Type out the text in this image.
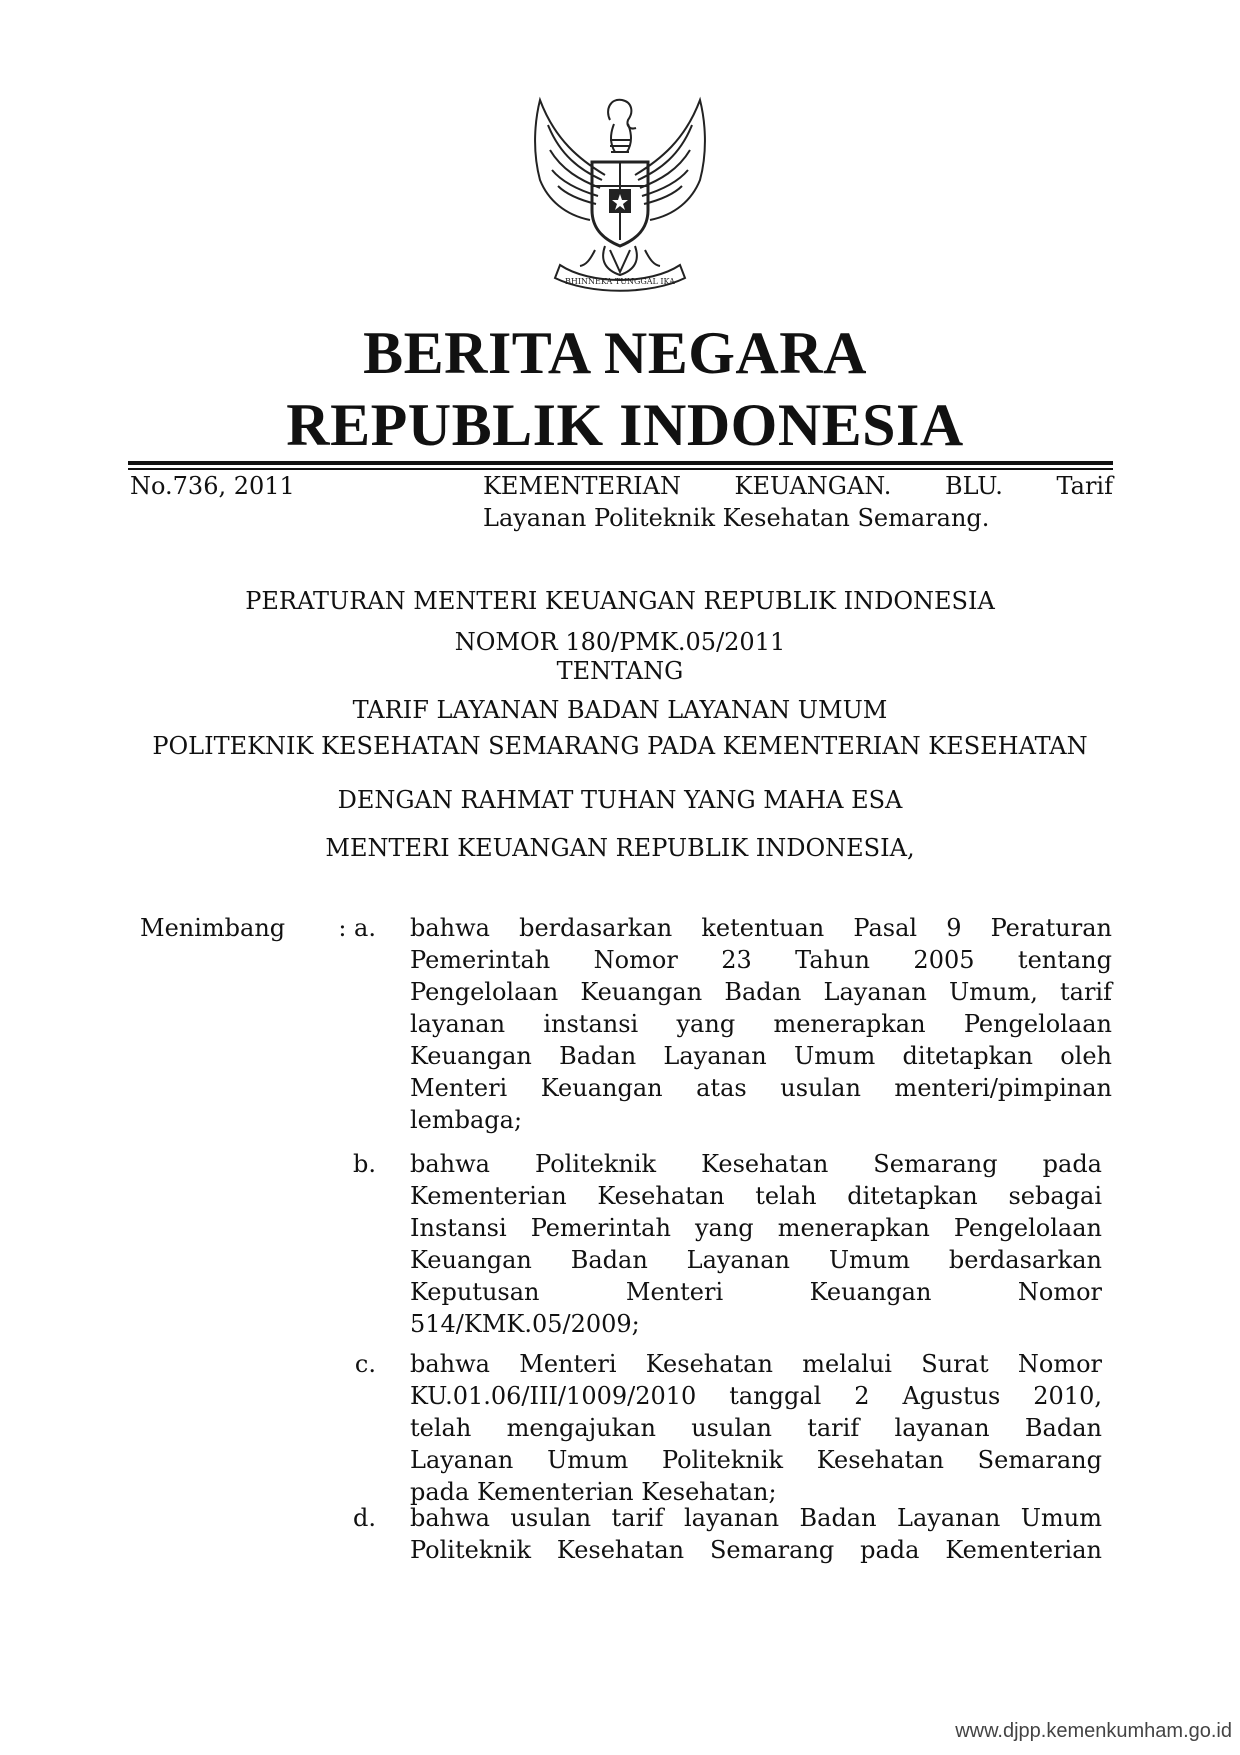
BHINNEKA TUNGGAL IKA
BERITA NEGARA
REPUBLIK INDONESIA
No.736, 2011	KEMENTERIAN KEUANGAN. BLU. Tarif
Layanan Politeknik Kesehatan Semarang.
PERATURAN MENTERI KEUANGAN REPUBLIK INDONESIA
NOMOR 180/PMK.05/2011
TENTANG
TARIF LAYANAN BADAN LAYANAN UMUM
POLITEKNIK KESEHATAN SEMARANG PADA KEMENTERIAN KESEHATAN
DENGAN RAHMAT TUHAN YANG MAHA ESA
MENTERI KEUANGAN REPUBLIK INDONESIA,
Menimbang	: a. bahwa berdasarkan ketentuan Pasal 9 Peraturan
Pemerintah Nomor 23 Tahun 2005 tentang
Pengelolaan Keuangan Badan Layanan Umum, tarif
layanan instansi yang menerapkan Pengelolaan
Keuangan Badan Layanan Umum ditetapkan oleh
Menteri Keuangan atas usulan menteri/pimpinan
lembaga;
b. bahwa Politeknik Kesehatan Semarang pada
Kementerian Kesehatan telah ditetapkan sebagai
Instansi Pemerintah yang menerapkan Pengelolaan
Keuangan Badan Layanan Umum berdasarkan
Keputusan Menteri Keuangan Nomor
514/KMK.05/2009;
c. bahwa Menteri Kesehatan melalui Surat Nomor
KU.01.06/III/1009/2010 tanggal 2 Agustus 2010,
telah mengajukan usulan tarif layanan Badan
Layanan Umum Politeknik Kesehatan Semarang
pada Kementerian Kesehatan;
d. bahwa usulan tarif layanan Badan Layanan Umum
Politeknik Kesehatan Semarang pada Kementerian
www.djpp.kemenkumham.go.id
